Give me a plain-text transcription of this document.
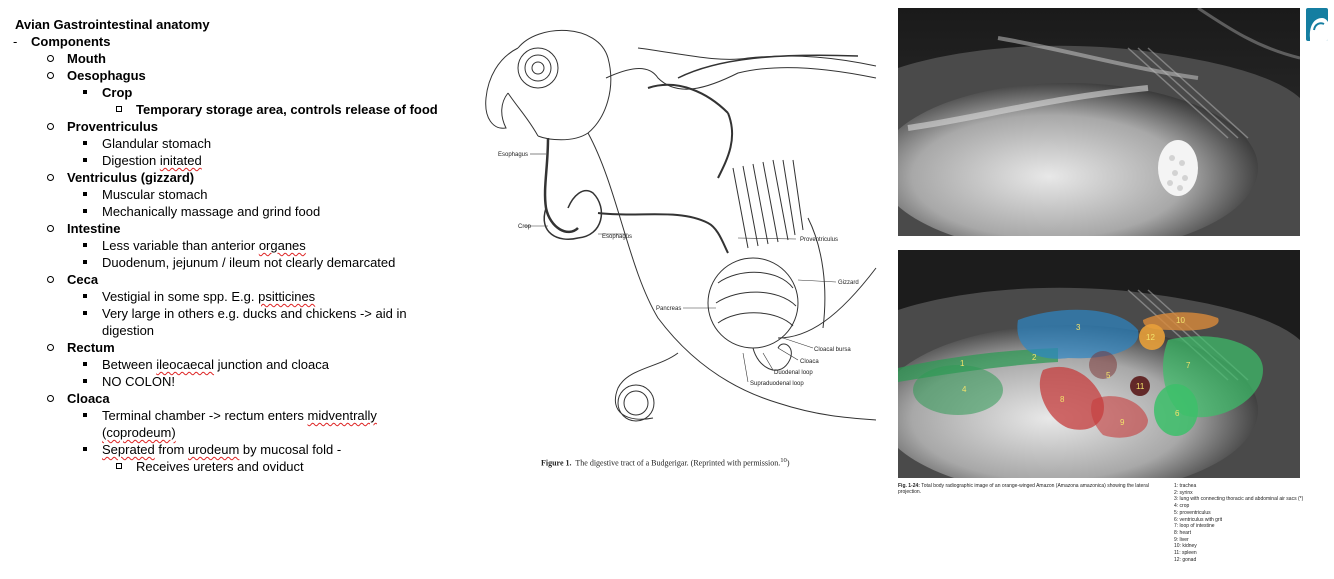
Avian Gastrointestinal anatomy
- Components
Mouth
Oesophagus
Crop
Temporary storage area, controls release of food
Proventriculus
Glandular stomach
Digestion initated
Ventriculus (gizzard)
Muscular stomach
Mechanically massage and grind food
Intestine
Less variable than anterior organes
Duodenum, jejunum / ileum not clearly demarcated
Ceca
Vestigial in some spp. E.g. psitticines
Very large in others e.g. ducks and chickens -> aid in digestion
Rectum
Between ileocaecal junction and cloaca
NO COLON!
Cloaca
Terminal chamber -> rectum enters midventrally (coprodeum)
Seprated from urodeum by mucosal fold -
Receives ureters and oviduct
Esophagus
Crop
Esophagus	Proventriculus
Gizzard
Pancreas
Cloacal bursa
Cloaca
Duodenal loop
Supraduodenal loop
Figure 1. The digestive tract of a Budgerigar. (Reprinted with permission.$^{10}$)
1
2
3
4
5
6
7
8
9
10
11
12
Fig. 1-24: Total body radiographic image of an orange-winged Amazon (Amazona amazonica) showing the lateral projection.
1: trachea
2: syrinx
3: lung with connecting thoracic and abdominal air sacs (*)
4: crop
5: proventriculus
6: ventriculus with grit
7: loop of intestine
8: heart
9: liver
10: kidney
11: spleen
12: gonad
